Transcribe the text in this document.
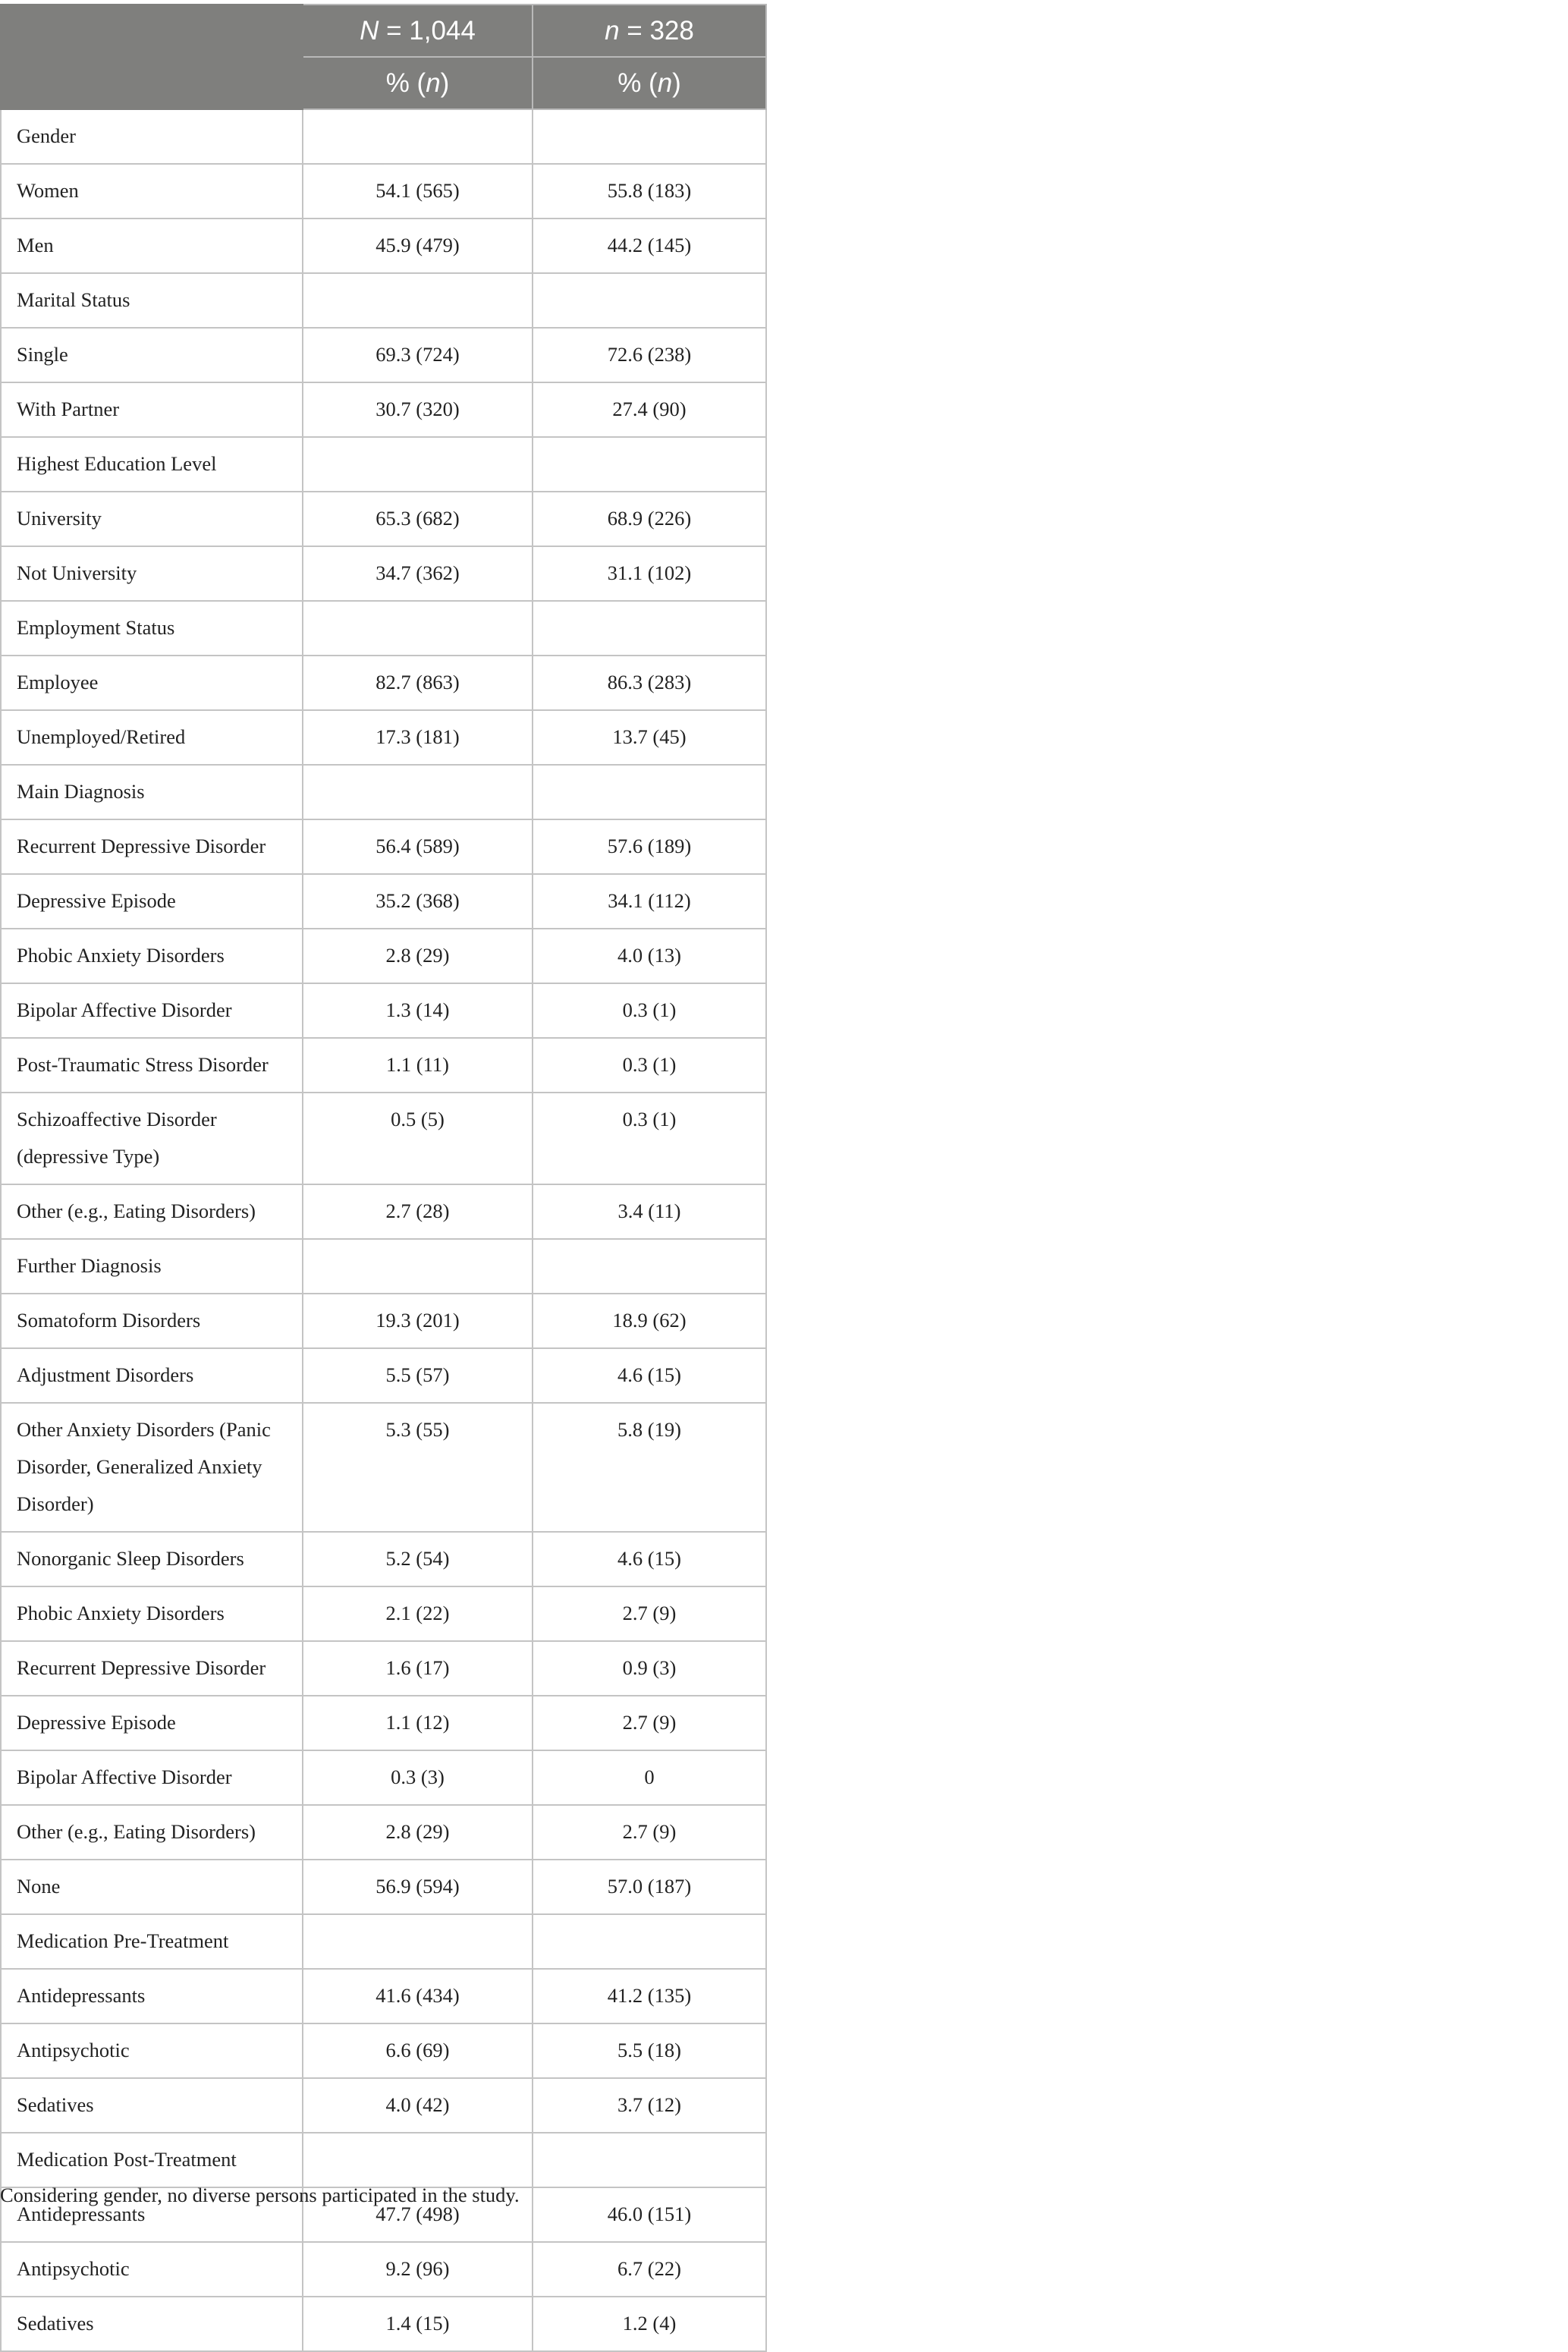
	N = 1,044	n = 328
	% (n)	% (n)
Gender		
Women	54.1 (565)	55.8 (183)
Men	45.9 (479)	44.2 (145)
Marital Status		
Single	69.3 (724)	72.6 (238)
With Partner	30.7 (320)	27.4 (90)
Highest Education Level		
University	65.3 (682)	68.9 (226)
Not University	34.7 (362)	31.1 (102)
Employment Status		
Employee	82.7 (863)	86.3 (283)
Unemployed/Retired	17.3 (181)	13.7 (45)
Main Diagnosis		
Recurrent Depressive Disorder	56.4 (589)	57.6 (189)
Depressive Episode	35.2 (368)	34.1 (112)
Phobic Anxiety Disorders	2.8 (29)	4.0 (13)
Bipolar Affective Disorder	1.3 (14)	0.3 (1)
Post-Traumatic Stress Disorder	1.1 (11)	0.3 (1)
Schizoaffective Disorder (depressive Type)	0.5 (5)	0.3 (1)
Other (e.g., Eating Disorders)	2.7 (28)	3.4 (11)
Further Diagnosis		
Somatoform Disorders	19.3 (201)	18.9 (62)
Adjustment Disorders	5.5 (57)	4.6 (15)
Other Anxiety Disorders (Panic Disorder, Generalized Anxiety Disorder)	5.3 (55)	5.8 (19)
Nonorganic Sleep Disorders	5.2 (54)	4.6 (15)
Phobic Anxiety Disorders	2.1 (22)	2.7 (9)
Recurrent Depressive Disorder	1.6 (17)	0.9 (3)
Depressive Episode	1.1 (12)	2.7 (9)
Bipolar Affective Disorder	0.3 (3)	0
Other (e.g., Eating Disorders)	2.8 (29)	2.7 (9)
None	56.9 (594)	57.0 (187)
Medication Pre-Treatment		
Antidepressants	41.6 (434)	41.2 (135)
Antipsychotic	6.6 (69)	5.5 (18)
Sedatives	4.0 (42)	3.7 (12)
Medication Post-Treatment		
Antidepressants	47.7 (498)	46.0 (151)
Antipsychotic	9.2 (96)	6.7 (22)
Sedatives	1.4 (15)	1.2 (4)
Considering gender, no diverse persons participated in the study.
